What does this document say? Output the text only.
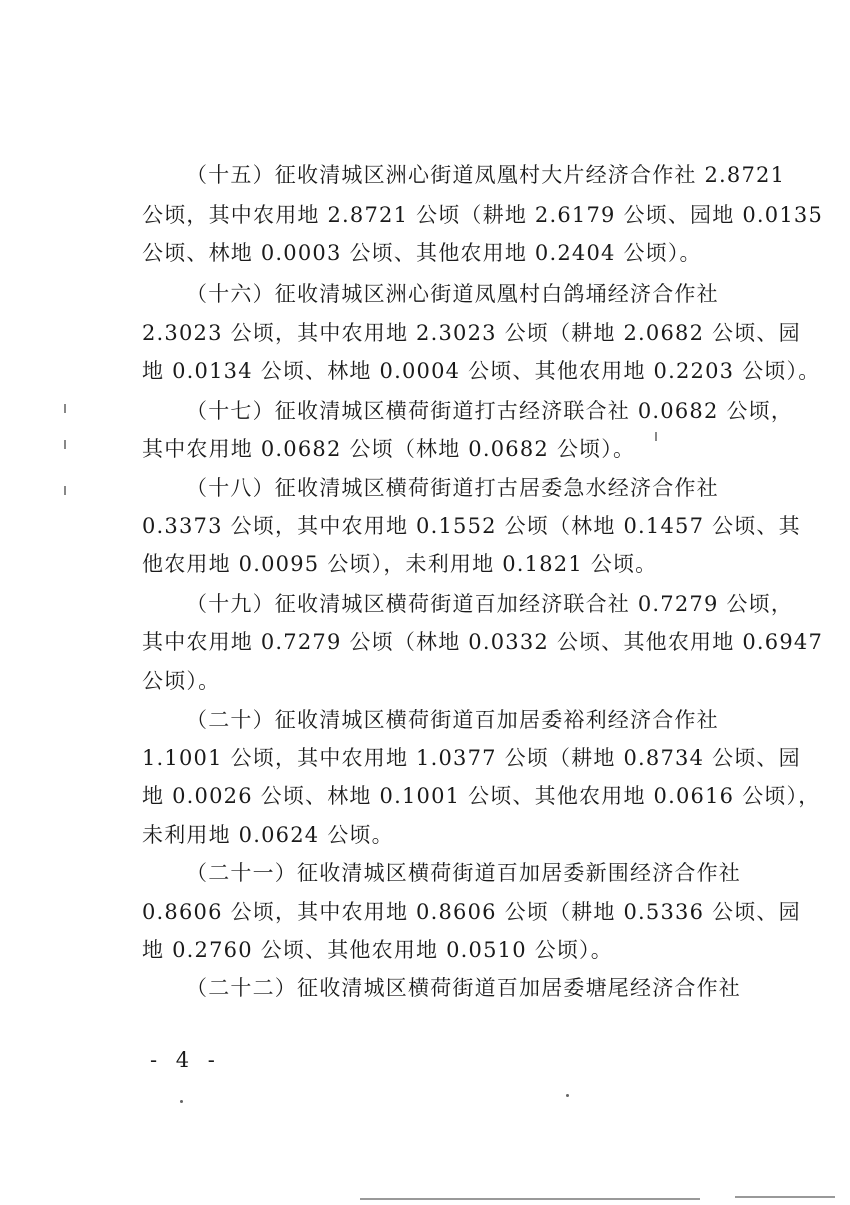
（十五）征收清城区洲心街道凤凰村大片经济合作社 2.8721
公顷，其中农用地 2.8721 公顷（耕地 2.6179 公顷、园地 0.0135
公顷、林地 0.0003 公顷、其他农用地 0.2404 公顷）。
（十六）征收清城区洲心街道凤凰村白鸽埇经济合作社
2.3023 公顷，其中农用地 2.3023 公顷（耕地 2.0682 公顷、园
地 0.0134 公顷、林地 0.0004 公顷、其他农用地 0.2203 公顷）。
（十七）征收清城区横荷街道打古经济联合社 0.0682 公顷，
其中农用地 0.0682 公顷（林地 0.0682 公顷）。
（十八）征收清城区横荷街道打古居委急水经济合作社
0.3373 公顷，其中农用地 0.1552 公顷（林地 0.1457 公顷、其
他农用地 0.0095 公顷），未利用地 0.1821 公顷。
（十九）征收清城区横荷街道百加经济联合社 0.7279 公顷，
其中农用地 0.7279 公顷（林地 0.0332 公顷、其他农用地 0.6947
公顷）。
（二十）征收清城区横荷街道百加居委裕利经济合作社
1.1001 公顷，其中农用地 1.0377 公顷（耕地 0.8734 公顷、园
地 0.0026 公顷、林地 0.1001 公顷、其他农用地 0.0616 公顷），
未利用地 0.0624 公顷。
（二十一）征收清城区横荷街道百加居委新围经济合作社
0.8606 公顷，其中农用地 0.8606 公顷（耕地 0.5336 公顷、园
地 0.2760 公顷、其他农用地 0.0510 公顷）。
（二十二）征收清城区横荷街道百加居委塘尾经济合作社
- 4 -
